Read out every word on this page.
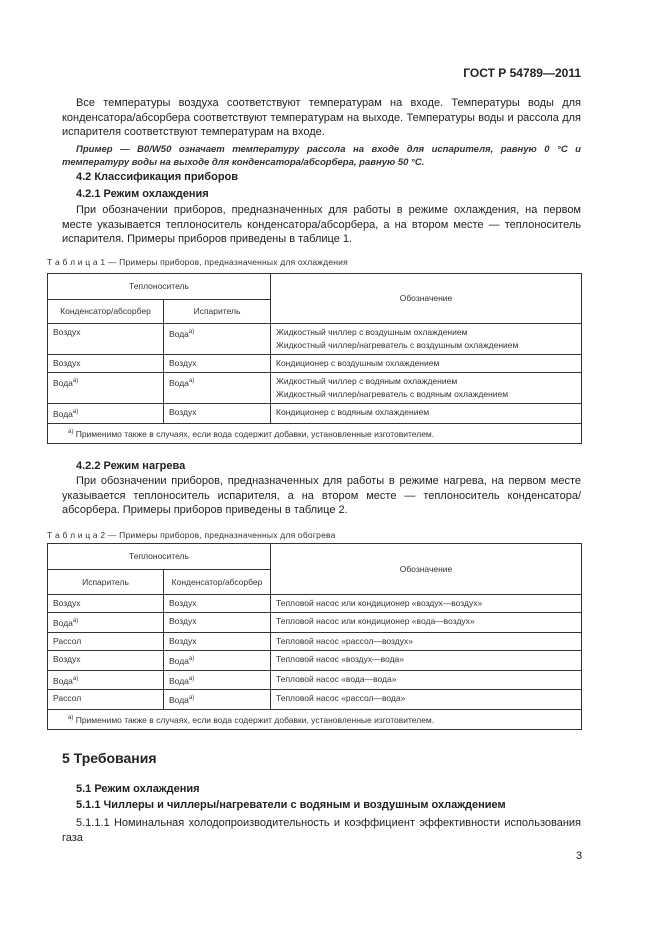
ГОСТ Р 54789—2011
Все температуры воздуха соответствуют температурам на входе. Температуры воды для конденсатора/абсорбера соответствуют температурам на выходе. Температуры воды и рассола для испарителя соответствуют температурам на входе.
Пример — B0/W50 означает температуру рассола на входе для испарителя, равную 0 °С и температуру воды на выходе для конденсатора/абсорбера, равную 50 °С.
4.2 Классификация приборов
4.2.1 Режим охлаждения
При обозначении приборов, предназначенных для работы в режиме охлаждения, на первом месте указывается теплоноситель конденсатора/абсорбера, а на втором месте — теплоноситель испарителя. Примеры приборов приведены в таблице 1.
Т а б л и ц а 1 — Примеры приборов, предназначенных для охлаждения
Теплоноситель		Обозначение
Конденсатор/абсорбер	Испаритель	
Воздух	Вода$^{а)}$	Жидкостный чиллер с воздушным охлаждением
Жидкостный чиллер/нагреватель с воздушным охлаждением

Воздух	Воздух	Кондиционер с воздушным охлаждением

Вода$^{а)}$	Вода$^{а)}$	Жидкостный чиллер с водяным охлаждением
Жидкостный чиллер/нагреватель с водяным охлаждением

Вода$^{а)}$	Воздух	Кондиционер с водяным охлаждением

$^{а)}$ Применимо также в случаях, если вода содержит добавки, установленные изготовителем.		
Т а б л и ц а 2 — Примеры приборов, предназначенных для обогрева
Теплоноситель		Обозначение
Испаритель	Конденсатор/абсорбер	
Воздух	Воздух	Тепловой насос или кондиционер «воздух—воздух»
Вода$^{а)}$	Воздух	Тепловой насос или кондиционер «вода—воздух»
Рассол	Воздух	Тепловой насос «рассол—воздух»
Воздух	Вода$^{а)}$	Тепловой насос «воздух—вода»
Вода$^{а)}$	Вода$^{а)}$	Тепловой насос «вода—вода»
Рассол	Вода$^{а)}$	Тепловой насос «рассол—вода»
$^{а)}$ Применимо также в случаях, если вода содержит добавки, установленные изготовителем.		
4.2.2 Режим нагрева
При обозначении приборов, предназначенных для работы в режиме нагрева, на первом месте указывается теплоноситель испарителя, а на втором месте — теплоноситель конденсатора/абсорбера. Примеры приборов приведены в таблице 2.
5 Требования
5.1 Режим охлаждения
5.1.1 Чиллеры и чиллеры/нагреватели с водяным и воздушным охлаждением
5.1.1.1 Номинальная холодопроизводительность и коэффициент эффективности использования газа
3
